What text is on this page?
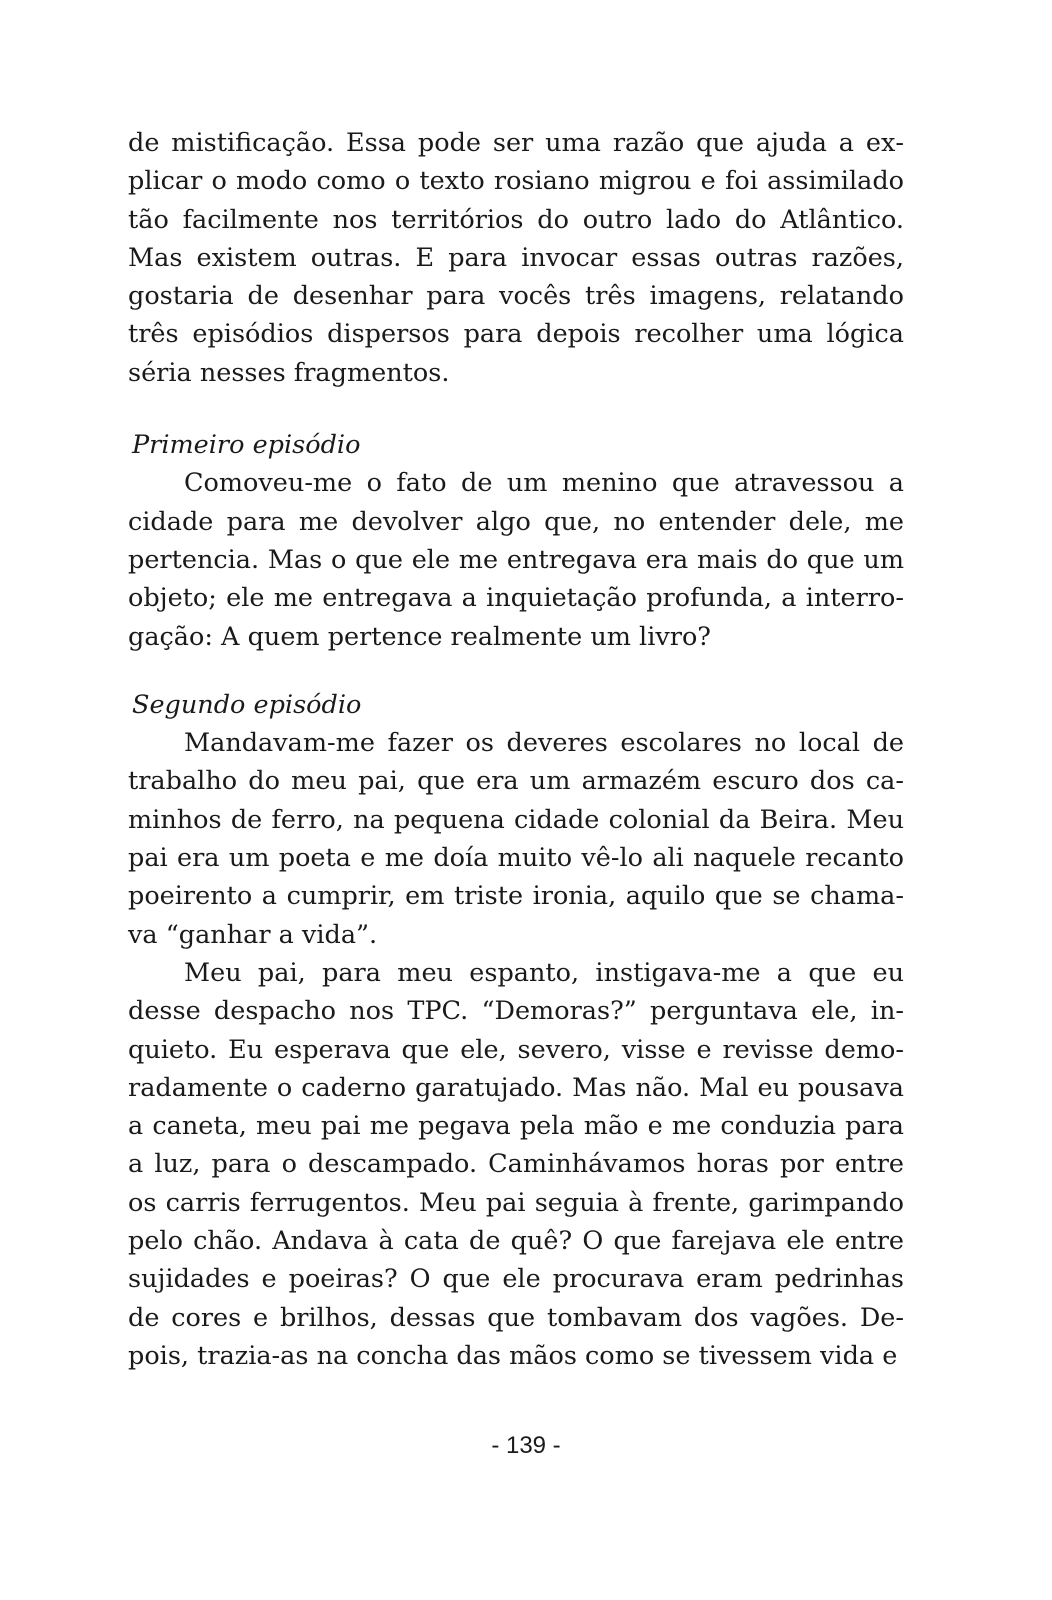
de mistificação. Essa pode ser uma razão que ajuda a explicar o modo como o texto rosiano migrou e foi assimilado tão facilmente nos territórios do outro lado do Atlântico. Mas existem outras. E para invocar essas outras razões, gostaria de desenhar para vocês três imagens, relatando três episódios dispersos para depois recolher uma lógica séria nesses fragmentos.

Primeiro episódio

Comoveu-me o fato de um menino que atravessou a cidade para me devolver algo que, no entender dele, me pertencia. Mas o que ele me entregava era mais do que um objeto; ele me entregava a inquietação profunda, a interrogação: A quem pertence realmente um livro?

Segundo episódio

Mandavam-me fazer os deveres escolares no local de trabalho do meu pai, que era um armazém escuro dos caminhos de ferro, na pequena cidade colonial da Beira. Meu pai era um poeta e me doía muito vê-lo ali naquele recanto poeirento a cumprir, em triste ironia, aquilo que se chamava “ganhar a vida”.

Meu pai, para meu espanto, instigava-me a que eu desse despacho nos TPC. “Demoras?” perguntava ele, inquieto. Eu esperava que ele, severo, visse e revisse demoradamente o caderno garatujado. Mas não. Mal eu pousava a caneta, meu pai me pegava pela mão e me conduzia para a luz, para o descampado. Caminhávamos horas por entre os carris ferrugentos. Meu pai seguia à frente, garimpando pelo chão. Andava à cata de quê? O que farejava ele entre sujidades e poeiras? O que ele procurava eram pedrinhas de cores e brilhos, dessas que tombavam dos vagões. Depois, trazia-as na concha das mãos como se tivessem vida e

- 139 -
